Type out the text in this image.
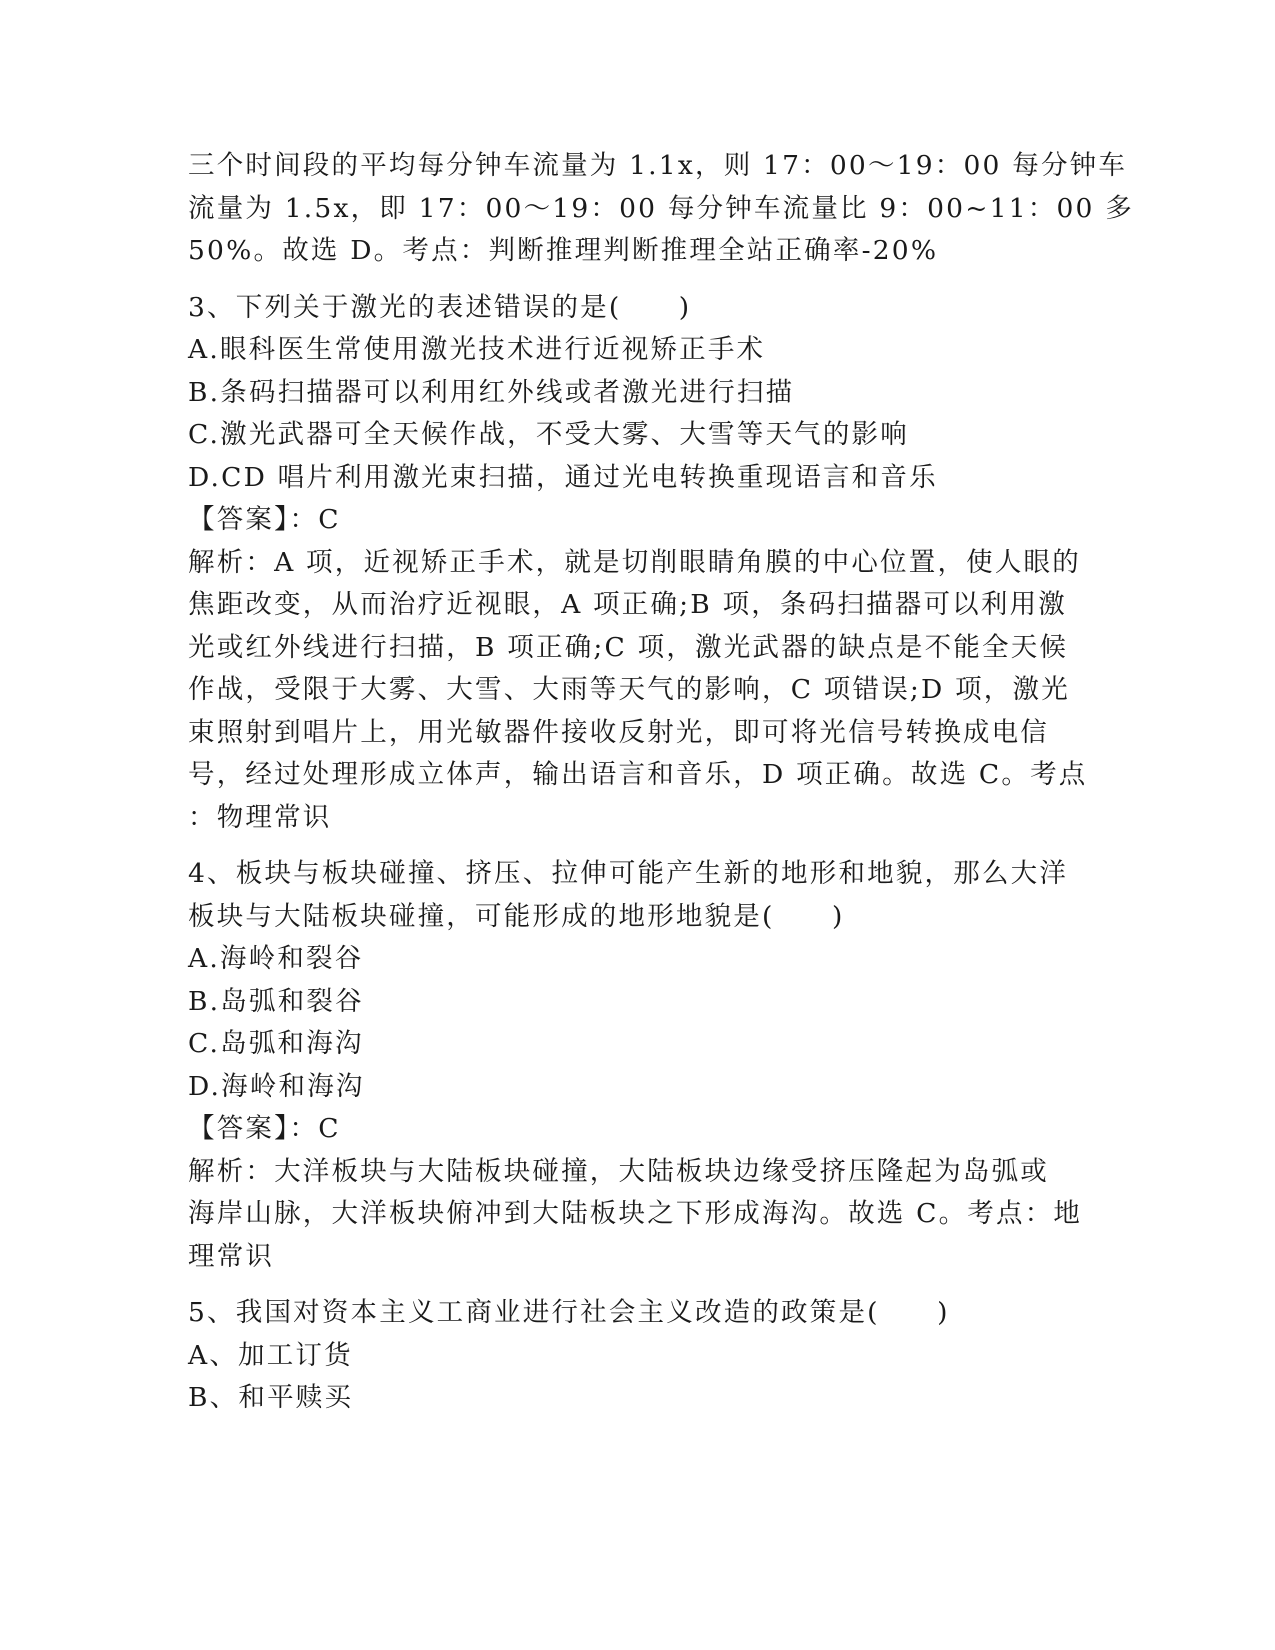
三个时间段的平均每分钟车流量为 1.1x，则 17：00～19：00 每分钟车
流量为 1.5x，即 17：00～19：00 每分钟车流量比 9：00~11：00 多
50%。故选 D。考点：判断推理判断推理全站正确率-20%
3、下列关于激光的表述错误的是(　　)
A.眼科医生常使用激光技术进行近视矫正手术
B.条码扫描器可以利用红外线或者激光进行扫描
C.激光武器可全天候作战，不受大雾、大雪等天气的影响
D.CD 唱片利用激光束扫描，通过光电转换重现语言和音乐
【答案】：C
解析：A 项，近视矫正手术，就是切削眼睛角膜的中心位置，使人眼的
焦距改变，从而治疗近视眼，A 项正确;B 项，条码扫描器可以利用激
光或红外线进行扫描，B 项正确;C 项，激光武器的缺点是不能全天候
作战，受限于大雾、大雪、大雨等天气的影响，C 项错误;D 项，激光
束照射到唱片上，用光敏器件接收反射光，即可将光信号转换成电信
号，经过处理形成立体声，输出语言和音乐，D 项正确。故选 C。考点
：物理常识
4、板块与板块碰撞、挤压、拉伸可能产生新的地形和地貌，那么大洋
板块与大陆板块碰撞，可能形成的地形地貌是(　　)
A.海岭和裂谷
B.岛弧和裂谷
C.岛弧和海沟
D.海岭和海沟
【答案】：C
解析：大洋板块与大陆板块碰撞，大陆板块边缘受挤压隆起为岛弧或
海岸山脉，大洋板块俯冲到大陆板块之下形成海沟。故选 C。考点：地
理常识
5、我国对资本主义工商业进行社会主义改造的政策是(　　)
A、加工订货
B、和平赎买
